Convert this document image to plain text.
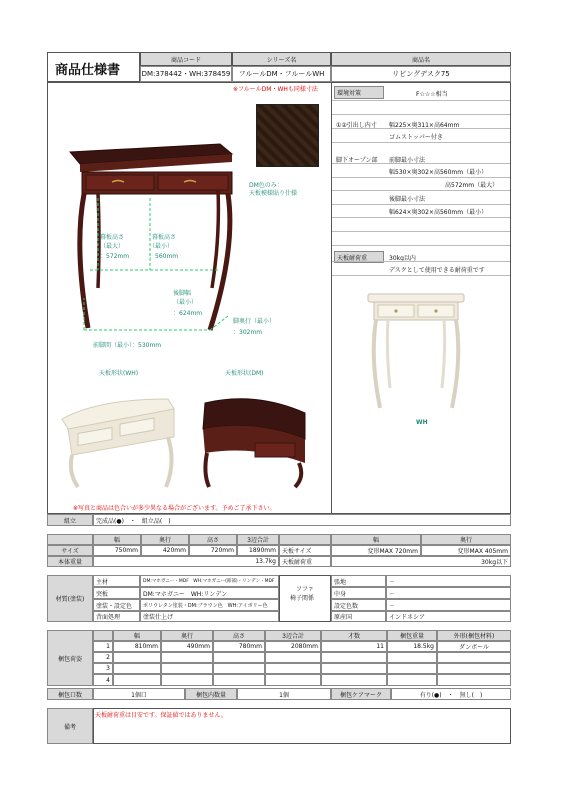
商品仕様書
商品コード	シリーズ名	商品名
DM:378442・WH:378459	フルールDM・フルールWH	リビングデスク75
※フルールDM・WHも同様寸法
環境対策	F☆☆☆相当
①②引出し内寸 幅225×奥311×高64mm
ゴムストッパー付き
脚下オープン部 前脚最小寸法
幅530×奥302×高560mm（最小）
高572mm（最大）
後脚最小寸法
幅624×奥302×高560mm（最小）
天板耐荷重	30kg以内
デスクとして使用できる耐荷重です
WH
DM色のみ：
天板模様貼り仕様
幕板高さ
（最大）
：572mm
幕板高さ
（最小）
：560mm
後脚幅
（最小）
：624mm
脚奥行（最小）
：302mm
前脚間（最小）：530mm
天板形状(WH)	天板形状(DM)
※写真と商品は色合いが多少異なる場合がございます。予めご了承下さい。
組立	完成品(●)　・　組立品(　)
幅	奥行	高さ	3辺合計	幅	奥行
サイズ	750mm	420mm	720mm	1890mm	天板サイズ	変形MAX 720mm	変形MAX 405mm
本体重量	13.7kg	天板耐荷重	30kg以下
材質(塗装)
主材	DM:マホガニー・MDF　WH:マホガニー(節部)・リンデン・MDF
突板	DM:マホガニー　WH:リンデン
塗装・設定色	ポリウレタン塗装・DM:ブラウン色　WH:アイボリー色
背面処理	塗装仕上げ
ソファ
椅子関係
張地	－
中身	－
設定色数	－
原産国	インドネシア
梱包荷姿
幅	奥行	高さ	3辺合計	才数	梱包重量	外形(梱包材料)
1	810mm	490mm	780mm	2080mm	11	18.5kg	ダンボール
2
3
4
梱包口数	1個口	梱包内数量	1個	梱包ケアマーク	有り(●)　・　無し(　)
備考
天板耐荷重は目安です。保証値ではありません。
